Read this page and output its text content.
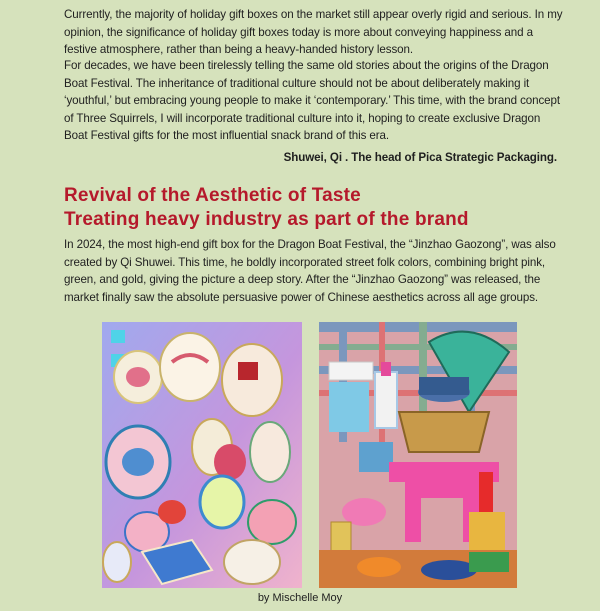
Currently, the majority of holiday gift boxes on the market still appear overly rigid and serious. In my opinion, the significance of holiday gift boxes today is more about conveying happiness and a festive atmosphere, rather than being a heavy-handed history lesson.

For decades, we have been tirelessly telling the same old stories about the origins of the Dragon Boat Festival. The inheritance of traditional culture should not be about deliberately making it ‘youthful,’ but embracing young people to make it ‘contemporary.’ This time, with the brand concept of Three Squirrels, I will incorporate traditional culture into it, hoping to create exclusive Dragon Boat Festival gifts for the most influential snack brand of this era.

Shuwei, Qi . The head of Pica Strategic Packaging.
Revival of the Aesthetic of Taste
Treating heavy industry as part of the brand

In 2024, the most high-end gift box for the Dragon Boat Festival, the “Jinzhao Gaozong”, was also created by Qi Shuwei. This time, he boldly incorporated street folk colors, combining bright pink, green, and gold, giving the picture a deep story. After the “Jinzhao Gaozong” was released, the market finally saw the absolute persuasive power of Chinese aesthetics across all age groups.

by Mischelle Moy
